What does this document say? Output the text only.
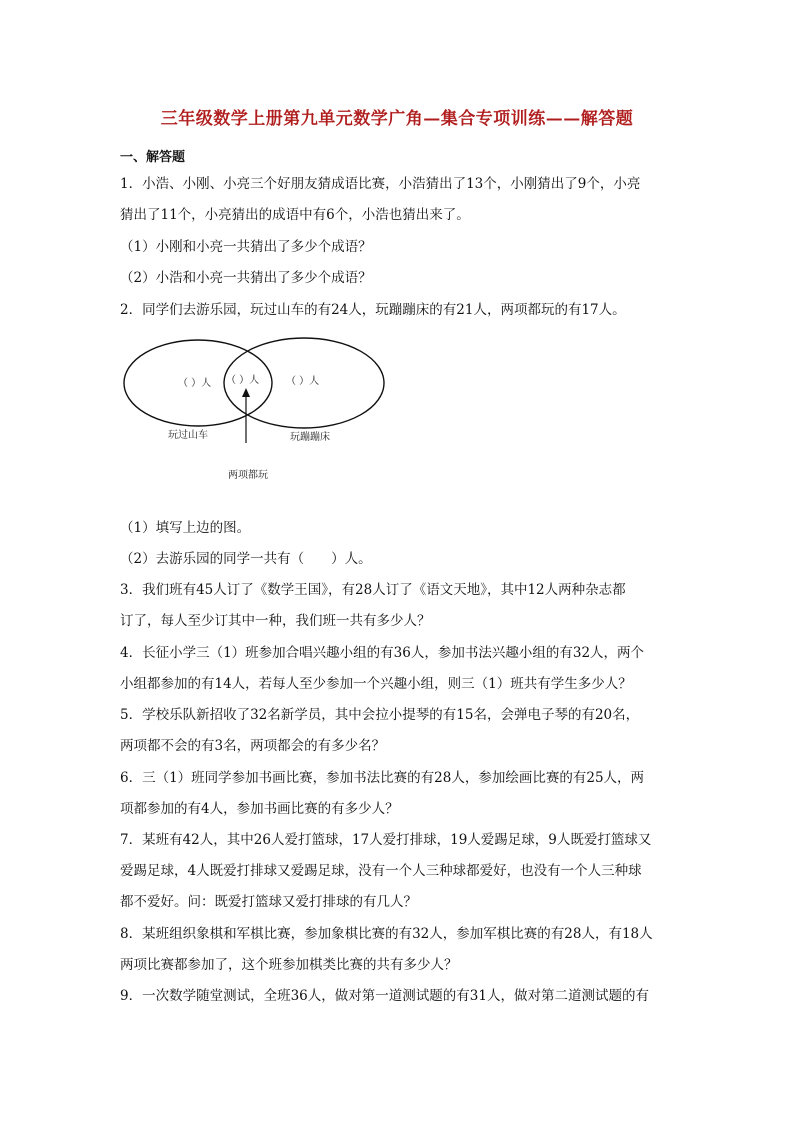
三年级数学上册第九单元数学广角—集合专项训练——解答题
一、解答题
1．小浩、小刚、小亮三个好朋友猜成语比赛，小浩猜出了13个，小刚猜出了9个，小亮
猜出了11个，小亮猜出的成语中有6个，小浩也猜出来了。
（1）小刚和小亮一共猜出了多少个成语？
（2）小浩和小亮一共猜出了多少个成语？
2．同学们去游乐园，玩过山车的有24人，玩蹦蹦床的有21人，两项都玩的有17人。
（ ）人 （ ）人	（ ）人
玩过山车	玩蹦蹦床
两项都玩
（1）填写上边的图。
（2）去游乐园的同学一共有（　　）人。
3．我们班有45人订了《数学王国》，有28人订了《语文天地》，其中12人两种杂志都
订了，每人至少订其中一种，我们班一共有多少人？
4．长征小学三（1）班参加合唱兴趣小组的有36人，参加书法兴趣小组的有32人，两个
小组都参加的有14人，若每人至少参加一个兴趣小组，则三（1）班共有学生多少人？
5．学校乐队新招收了32名新学员，其中会拉小提琴的有15名，会弹电子琴的有20名，
两项都不会的有3名，两项都会的有多少名？
6．三（1）班同学参加书画比赛，参加书法比赛的有28人，参加绘画比赛的有25人，两
项都参加的有4人，参加书画比赛的有多少人？
7．某班有42人，其中26人爱打篮球，17人爱打排球，19人爱踢足球，9人既爱打篮球又
爱踢足球，4人既爱打排球又爱踢足球，没有一个人三种球都爱好，也没有一个人三种球
都不爱好。问：既爱打篮球又爱打排球的有几人？
8．某班组织象棋和军棋比赛，参加象棋比赛的有32人，参加军棋比赛的有28人，有18人
两项比赛都参加了，这个班参加棋类比赛的共有多少人？
9．一次数学随堂测试，全班36人，做对第一道测试题的有31人，做对第二道测试题的有
